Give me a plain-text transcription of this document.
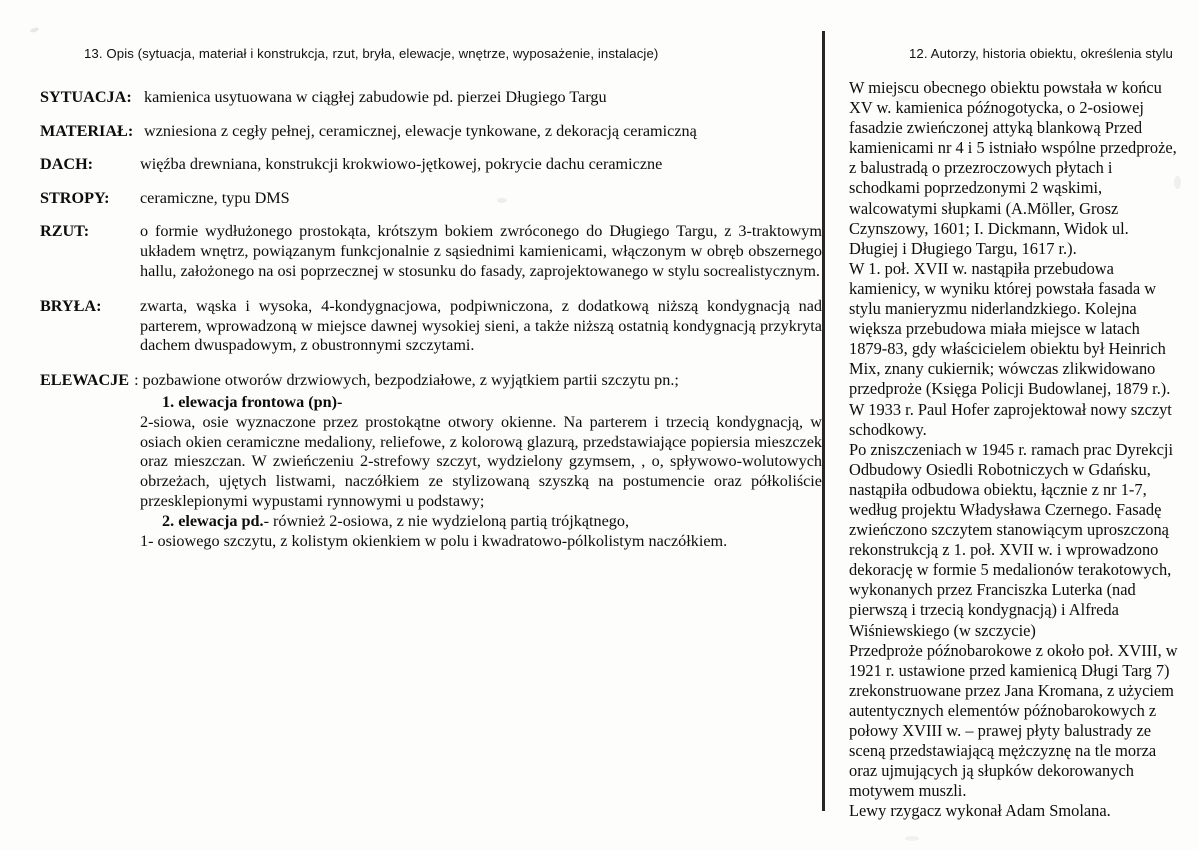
13. Opis (sytuacja, materiał i konstrukcja, rzut, bryła, elewacje, wnętrze, wyposażenie, instalacje)
SYTUACJA: kamienica usytuowana w ciągłej zabudowie pd. pierzei Długiego Targu
MATERIAŁ: wzniesiona z cegły pełnej, ceramicznej, elewacje tynkowane, z dekoracją ceramiczną
DACH:	więźba drewniana, konstrukcji krokwiowo-jętkowej, pokrycie dachu ceramiczne
STROPY:	ceramiczne, typu DMS
RZUT:	o formie wydłużonego prostokąta, krótszym bokiem zwróconego do Długiego Targu, z 3-traktowym układem wnętrz, powiązanym funkcjonalnie z sąsiednimi kamienicami, włączonym w obręb obszernego hallu, założonego na osi poprzecznej w stosunku do fasady, zaprojektowanego w stylu socrealistycznym.
BRYŁA:	zwarta, wąska i wysoka, 4-kondygnacjowa, podpiwniczona, z dodatkową niższą kondygnacją nad parterem, wprowadzoną w miejsce dawnej wysokiej sieni, a także niższą ostatnią kondygnacją przykryta dachem dwuspadowym, z obustronnymi szczytami.
ELEWACJE : pozbawione otworów drzwiowych, bezpodziałowe, z wyjątkiem partii szczytu pn.;
1. elewacja frontowa (pn)-
2-siowa, osie wyznaczone przez prostokątne otwory okienne. Na parterem i trzecią kondygnacją, w osiach okien ceramiczne medaliony, reliefowe, z kolorową glazurą, przedstawiające popiersia mieszczek oraz mieszczan. W zwieńczeniu 2-strefowy szczyt, wydzielony gzymsem, , o, spływowo-wolutowych obrzeżach, ujętych listwami, naczółkiem ze stylizowaną szyszką na postumencie oraz półkoliście przesklepionymi wypustami rynnowymi u podstawy;
2. elewacja pd.- również 2-osiowa, z nie wydzieloną partią trójkątnego,
1- osiowego szczytu, z kolistym okienkiem w polu i kwadratowo-pólkolistym naczółkiem.
12. Autorzy, historia obiektu, określenia stylu

W miejscu obecnego obiektu powstała w końcu XV w. kamienica późnogotycka, o 2-osiowej fasadzie zwieńczonej attyką blankową Przed kamienicami nr 4 i 5 istniało wspólne przedproże, z balustradą o przezroczowych płytach i schodkami poprzedzonymi 2 wąskimi, walcowatymi słupkami (A.Möller, Grosz Czynszowy, 1601; I. Dickmann, Widok ul. Długiej i Długiego Targu, 1617 r.).

W 1. poł. XVII w. nastąpiła przebudowa kamienicy, w wyniku której powstała fasada w stylu manieryzmu niderlandzkiego. Kolejna większa przebudowa miała miejsce w latach 1879-83, gdy właścicielem obiektu był Heinrich Mix, znany cukiernik; wówczas zlikwidowano przedproże (Księga Policji Budowlanej, 1879 r.). W 1933 r. Paul Hofer zaprojektował nowy szczyt schodkowy.

Po zniszczeniach w 1945 r. ramach prac Dyrekcji Odbudowy Osiedli Robotniczych w Gdańsku, nastąpiła odbudowa obiektu, łącznie z nr 1-7, według projektu Władysława Czernego. Fasadę zwieńczono szczytem stanowiącym uproszczoną rekonstrukcją z 1. poł. XVII w. i wprowadzono dekorację w formie 5 medalionów terakotowych, wykonanych przez Franciszka Luterka (nad pierwszą i trzecią kondygnacją) i Alfreda Wiśniewskiego (w szczycie)

Przedproże późnobarokowe z około poł. XVIII, w 1921 r. ustawione przed kamienicą Długi Targ 7) zrekonstruowane przez Jana Kromana, z użyciem autentycznych elementów późnobarokowych z połowy XVIII w. – prawej płyty balustrady ze sceną przedstawiającą mężczyznę na tle morza oraz ujmujących ją słupków dekorowanych motywem muszli.

Lewy rzygacz wykonał Adam Smolana.
